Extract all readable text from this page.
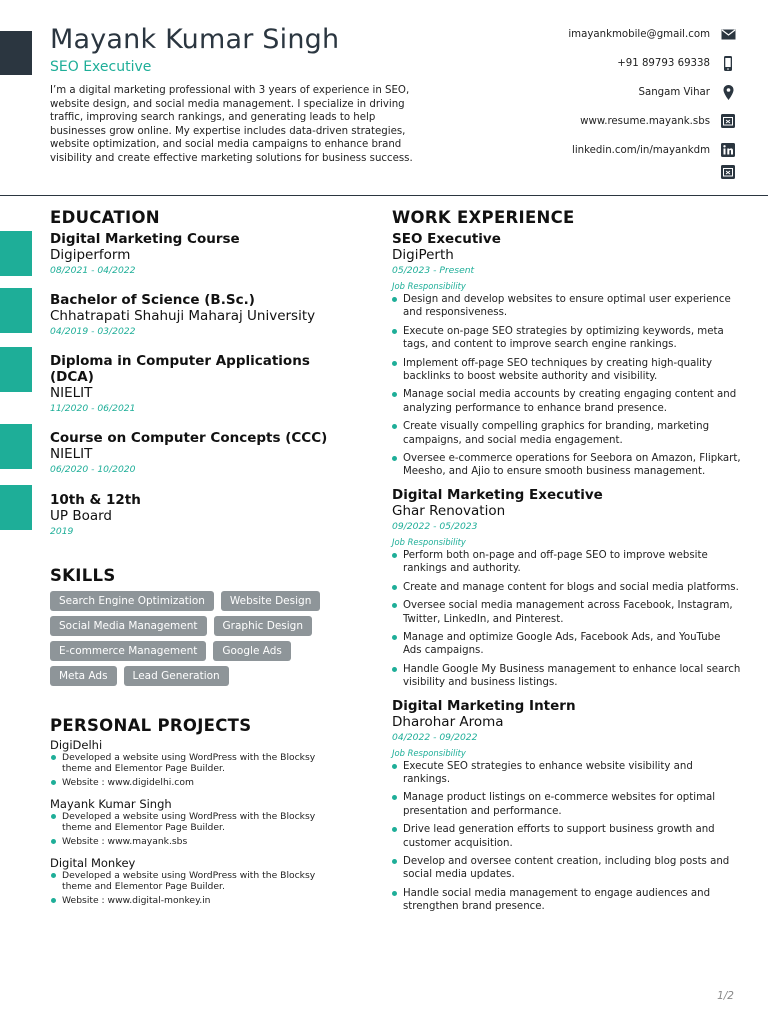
Mayank Kumar Singh
SEO Executive
I’m a digital marketing professional with 3 years of experience in SEO, website design, and social media management. I specialize in driving traffic, improving search rankings, and generating leads to help businesses grow online. My expertise includes data-driven strategies, website optimization, and social media campaigns to enhance brand visibility and create effective marketing solutions for business success.
imayankmobile@gmail.com
+91 89793 69338
Sangam Vihar
www.resume.mayank.sbs
linkedin.com/in/mayankdm
EDUCATION
Digital Marketing Course
Digiperform
08/2021 - 04/2022
Bachelor of Science (B.Sc.)
Chhatrapati Shahuji Maharaj University
04/2019 - 03/2022
Diploma in Computer Applications (DCA)
NIELIT
11/2020 - 06/2021
Course on Computer Concepts (CCC)
NIELIT
06/2020 - 10/2020
10th & 12th
UP Board
2019
SKILLS
Search Engine Optimization	Website Design
Social Media Management	Graphic Design
E-commerce Management	Google Ads
Meta Ads	Lead Generation
PERSONAL PROJECTS
DigiDelhi
Developed a website using WordPress with the Blocksy theme and Elementor Page Builder.
Website : www.digidelhi.com
Mayank Kumar Singh
Developed a website using WordPress with the Blocksy theme and Elementor Page Builder.
Website : www.mayank.sbs
Digital Monkey
Developed a website using WordPress with the Blocksy theme and Elementor Page Builder.
Website : www.digital-monkey.in
WORK EXPERIENCE
SEO Executive
DigiPerth
05/2023 - Present
Job Responsibility
Design and develop websites to ensure optimal user experience and responsiveness.
Execute on-page SEO strategies by optimizing keywords, meta tags, and content to improve search engine rankings.
Implement off-page SEO techniques by creating high-quality backlinks to boost website authority and visibility.
Manage social media accounts by creating engaging content and analyzing performance to enhance brand presence.
Create visually compelling graphics for branding, marketing campaigns, and social media engagement.
Oversee e-commerce operations for Seebora on Amazon, Flipkart, Meesho, and Ajio to ensure smooth business management.
Digital Marketing Executive
Ghar Renovation
09/2022 - 05/2023
Job Responsibility
Perform both on-page and off-page SEO to improve website rankings and authority.
Create and manage content for blogs and social media platforms.
Oversee social media management across Facebook, Instagram, Twitter, LinkedIn, and Pinterest.
Manage and optimize Google Ads, Facebook Ads, and YouTube Ads campaigns.
Handle Google My Business management to enhance local search visibility and business listings.
Digital Marketing Intern
Dharohar Aroma
04/2022 - 09/2022
Job Responsibility
Execute SEO strategies to enhance website visibility and rankings.
Manage product listings on e-commerce websites for optimal presentation and performance.
Drive lead generation efforts to support business growth and customer acquisition.
Develop and oversee content creation, including blog posts and social media updates.
Handle social media management to engage audiences and strengthen brand presence.
1/2
